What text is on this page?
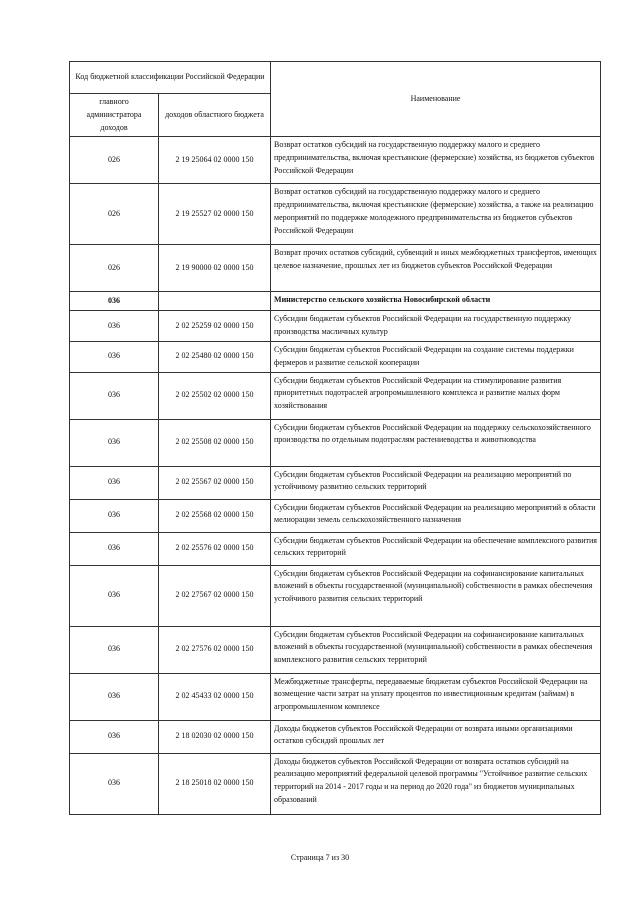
Код бюджетной классификации Российской Федерации		Наименование
главного администратора доходов	доходов областного бюджета	
026	2 19 25064 02 0000 150	Возврат остатков субсидий на государственную поддержку малого и среднего предпринимательства, включая крестьянские (фермерские) хозяйства, из бюджетов субъектов Российской Федерации
026	2 19 25527 02 0000 150	Возврат остатков субсидий на государственную поддержку малого и среднего предпринимательства, включая крестьянские (фермерские) хозяйства, а также на реализацию мероприятий по поддержке молодежного предпринимательства из бюджетов субъектов Российской Федерации
026	2 19 90000 02 0000 150	Возврат прочих остатков субсидий, субвенций и иных межбюджетных трансфертов, имеющих целевое назначение, прошлых лет из бюджетов субъектов Российской Федерации
036		Министерство сельского хозяйства Новосибирской области
036	2 02 25259 02 0000 150	Субсидии бюджетам субъектов Российской Федерации на государственную поддержку производства масличных культур
036	2 02 25480 02 0000 150	Субсидии бюджетам субъектов Российской Федерации на создание системы поддержки фермеров и развитие сельской кооперации
036	2 02 25502 02 0000 150	Субсидии бюджетам субъектов Российской Федерации на стимулирование развития приоритетных подотраслей агропромышленного комплекса и развитие малых форм хозяйствования
036	2 02 25508 02 0000 150	Субсидии бюджетам субъектов Российской Федерации на поддержку сельскохозяйственного производства по отдельным подотраслям растениеводства и животноводства
036	2 02 25567 02 0000 150	Субсидии бюджетам субъектов Российской Федерации на реализацию мероприятий по устойчивому развитию сельских территорий
036	2 02 25568 02 0000 150	Субсидии бюджетам субъектов Российской Федерации на реализацию мероприятий в области мелиорации земель сельскохозяйственного назначения
036	2 02 25576 02 0000 150	Субсидии бюджетам субъектов Российской Федерации на обеспечение комплексного развития сельских территорий
036	2 02 27567 02 0000 150	Субсидии бюджетам субъектов Российской Федерации на софинансирование капитальных вложений в объекты государственной (муниципальной) собственности в рамках обеспечения устойчивого развития сельских территорий
036	2 02 27576 02 0000 150	Субсидии бюджетам субъектов Российской Федерации на софинансирование капитальных вложений в объекты государственной (муниципальной) собственности в рамках обеспечения комплексного развития сельских территорий
036	2 02 45433 02 0000 150	Межбюджетные трансферты, передаваемые бюджетам субъектов Российской Федерации на возмещение части затрат на уплату процентов по инвестиционным кредитам (займам) в агропромышленном комплексе
036	2 18 02030 02 0000 150	Доходы бюджетов субъектов Российской Федерации от возврата иными организациями остатков субсидий прошлых лет
036	2 18 25018 02 0000 150	Доходы бюджетов субъектов Российской Федерации от возврата остатков субсидий на реализацию мероприятий федеральной целевой программы "Устойчивое развитие сельских территорий на 2014 - 2017 годы и на период до 2020 года" из бюджетов муниципальных образований
Страница 7 из 30
